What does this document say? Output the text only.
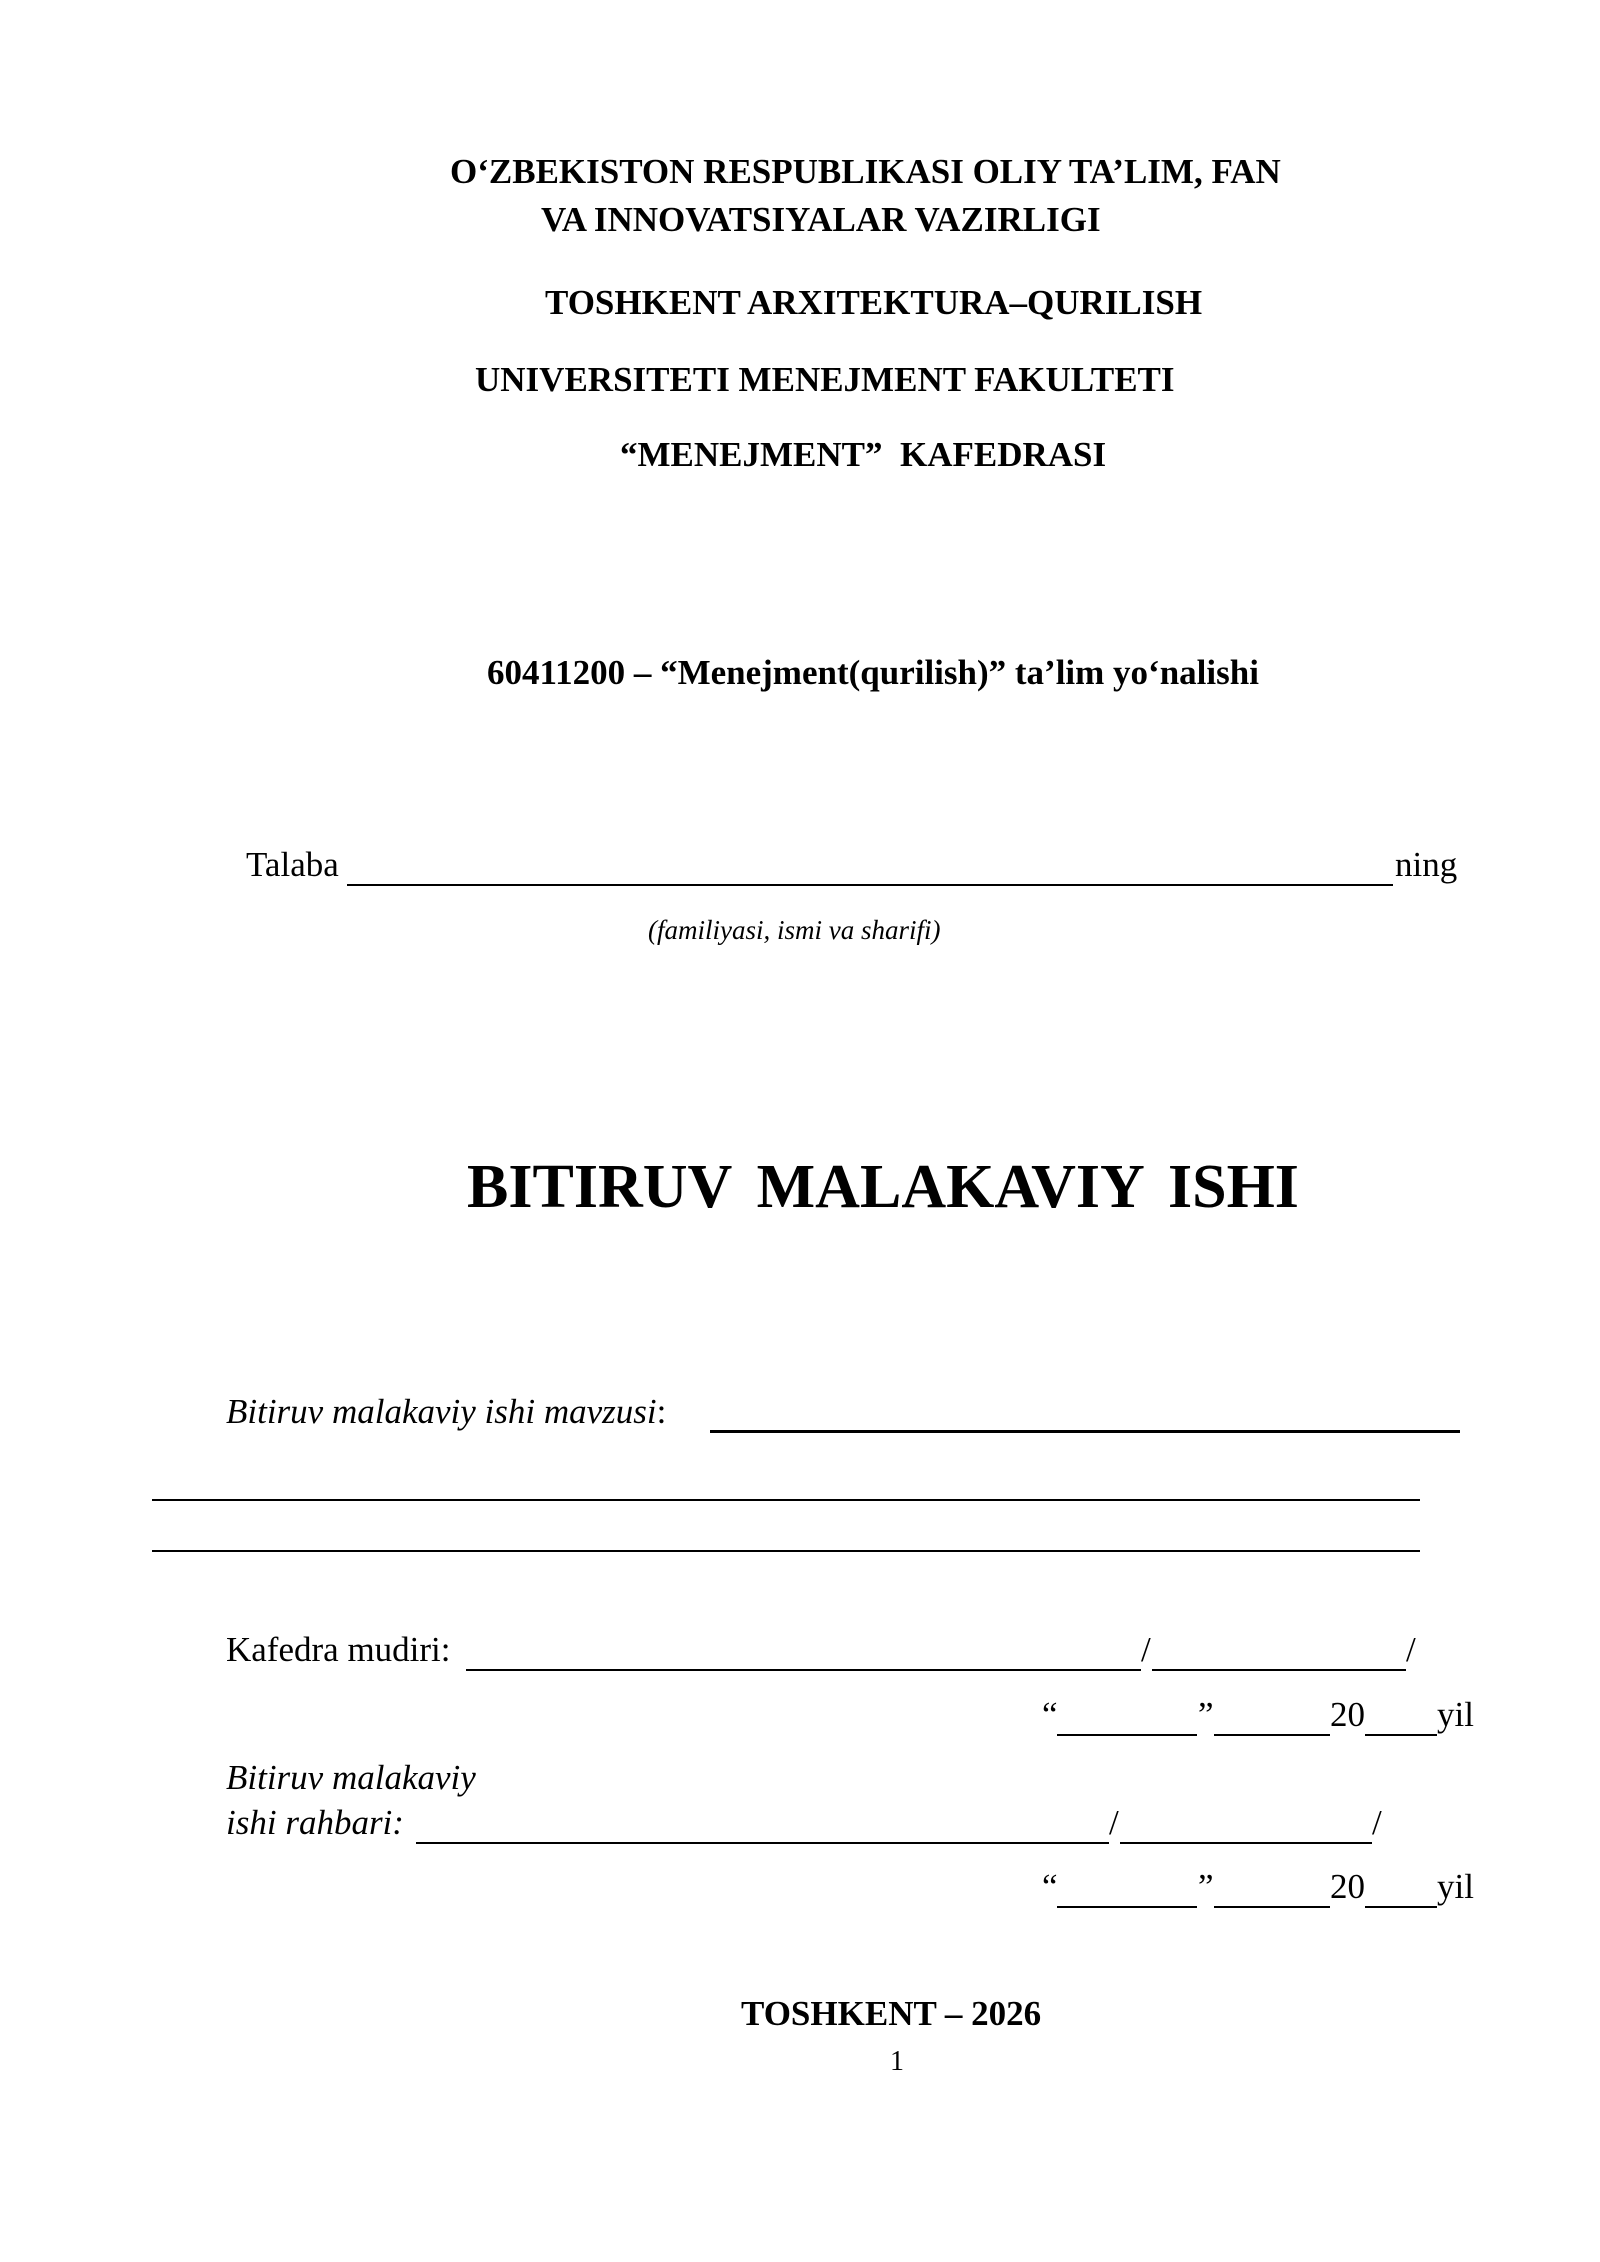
O‘ZBEKISTON RESPUBLIKASI OLIY TA’LIM, FAN
VA INNOVATSIYALAR VAZIRLIGI
TOSHKENT ARXITEKTURA–QURILISH
UNIVERSITETI MENEJMENT FAKULTETI
“MENEJMENT”  KAFEDRASI
60411200 – “Menejment(qurilish)” ta’lim yo‘nalishi
Talaba	ning
(familiyasi, ismi va sharifi)
BITIRUV MALAKAVIY ISHI
Bitiruv malakaviy ishi mavzusi:
Kafedra mudiri:	/	/
“	”	20 yil
Bitiruv malakaviy
ishi rahbari:	/	/
“	”	20 yil
TOSHKENT – 2026
1
